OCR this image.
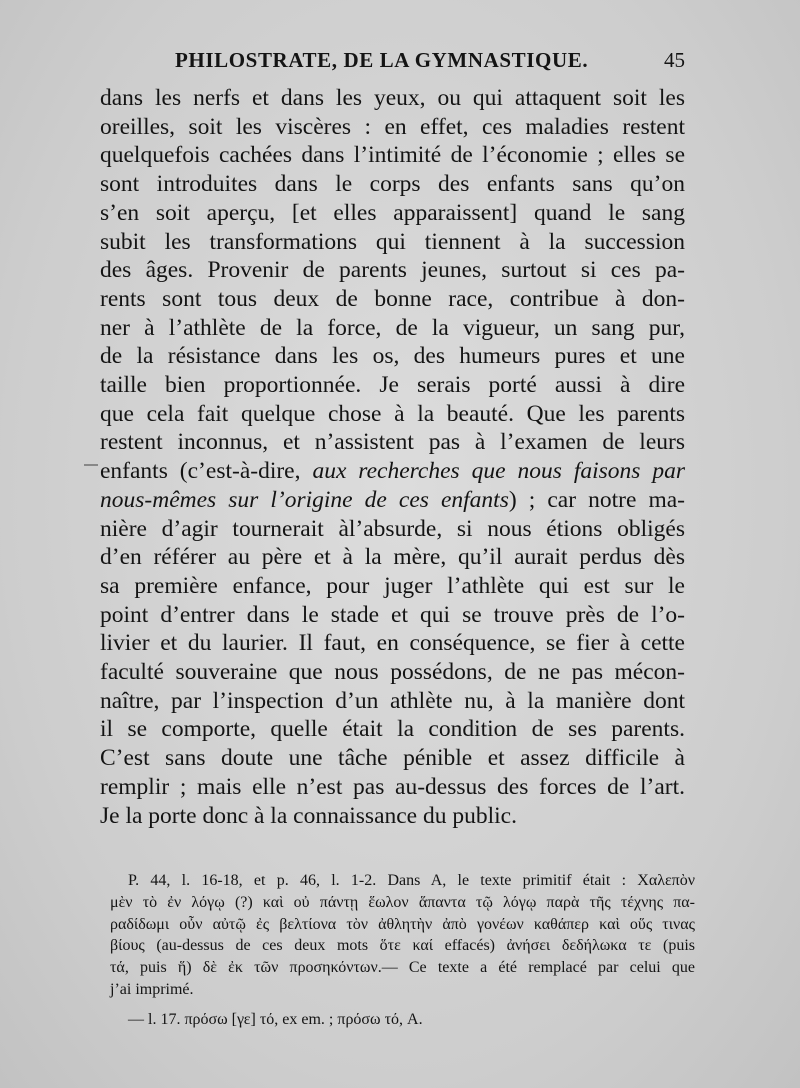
PHILOSTRATE, DE LA GYMNASTIQUE.	45
dans les nerfs et dans les yeux, ou qui attaquent soit les
oreilles, soit les viscères : en effet, ces maladies restent
quelquefois cachées dans l’intimité de l’économie ; elles se
sont introduites dans le corps des enfants sans qu’on
s’en soit aperçu, [et elles apparaissent] quand le sang
subit les transformations qui tiennent à la succession
des âges. Provenir de parents jeunes, surtout si ces pa-
rents sont tous deux de bonne race, contribue à don-
ner à l’athlète de la force, de la vigueur, un sang pur,
de la résistance dans les os, des humeurs pures et une
taille bien proportionnée. Je serais porté aussi à dire
que cela fait quelque chose à la beauté. Que les parents
restent inconnus, et n’assistent pas à l’examen de leurs
enfants (c’est-à-dire, aux recherches que nous faisons par
nous-mêmes sur l’origine de ces enfants) ; car notre ma-
nière d’agir tournerait àl’absurde, si nous étions obligés
d’en référer au père et à la mère, qu’il aurait perdus dès
sa première enfance, pour juger l’athlète qui est sur le
point d’entrer dans le stade et qui se trouve près de l’o-
livier et du laurier. Il faut, en conséquence, se fier à cette
faculté souveraine que nous possédons, de ne pas mécon-
naître, par l’inspection d’un athlète nu, à la manière dont
il se comporte, quelle était la condition de ses parents.
C’est sans doute une tâche pénible et assez difficile à
remplir ; mais elle n’est pas au-dessus des forces de l’art.
Je la porte donc à la connaissance du public.
P. 44, l. 16-18, et p. 46, l. 1-2. Dans A, le texte primitif était : Χαλεπὸν
μὲν τὸ ἐν λόγῳ (?) καὶ οὐ πάντῃ ἕωλον ἅπαντα τῷ λόγῳ παρὰ τῆς τέχνης πα-
ραδίδωμι οὖν αὐτῷ ἐς βελτίονα τὸν ἀθλητὴν ἀπὸ γονέων καθάπερ καὶ οὕς τινας
βίους (au-dessus de ces deux mots ὅτε καί effacés) ἀνήσει δεδήλωκα τε (puis
τά, puis ἥ) δὲ ἐκ τῶν προσηκόντων.— Ce texte a été remplacé par celui que
j’ai imprimé.
— l. 17. πρόσω [γε] τό, ex em. ; πρόσω τό, A.
